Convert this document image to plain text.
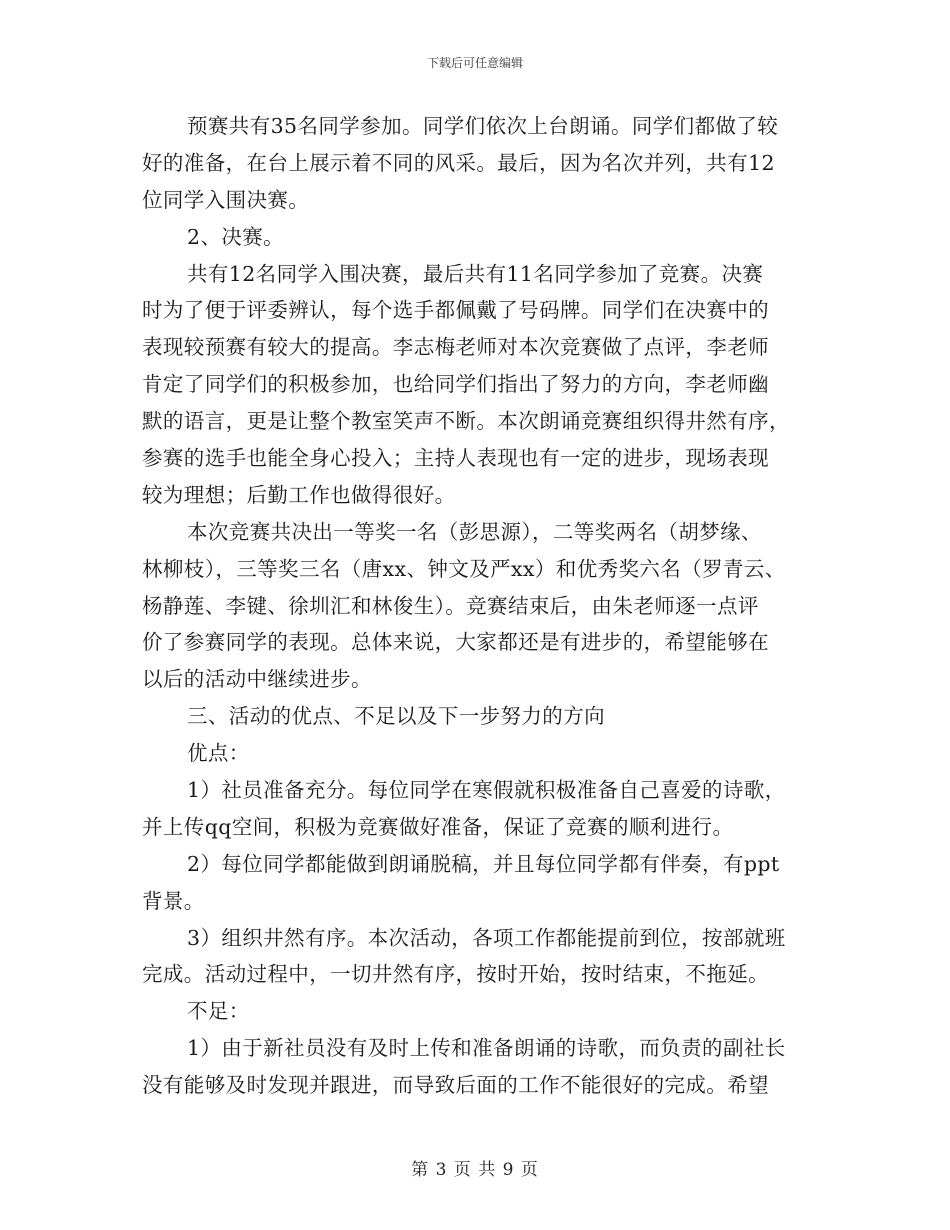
下载后可任意编辑
预赛共有35名同学参加。同学们依次上台朗诵。同学们都做了较
好的准备，在台上展示着不同的风采。最后，因为名次并列，共有12
位同学入围决赛。
2、决赛。
共有12名同学入围决赛，最后共有11名同学参加了竞赛。决赛
时为了便于评委辨认，每个选手都佩戴了号码牌。同学们在决赛中的
表现较预赛有较大的提高。李志梅老师对本次竞赛做了点评，李老师
肯定了同学们的积极参加，也给同学们指出了努力的方向，李老师幽
默的语言，更是让整个教室笑声不断。本次朗诵竞赛组织得井然有序，
参赛的选手也能全身心投入；主持人表现也有一定的进步，现场表现
较为理想；后勤工作也做得很好。
本次竞赛共决出一等奖一名（彭思源），二等奖两名（胡梦缘、
林柳枝），三等奖三名（唐xx、钟文及严xx）和优秀奖六名（罗青云、
杨静莲、李键、徐圳汇和林俊生）。竞赛结束后，由朱老师逐一点评
价了参赛同学的表现。总体来说，大家都还是有进步的，希望能够在
以后的活动中继续进步。
三、活动的优点、不足以及下一步努力的方向
优点：
1）社员准备充分。每位同学在寒假就积极准备自己喜爱的诗歌，
并上传qq空间，积极为竞赛做好准备，保证了竞赛的顺利进行。
2）每位同学都能做到朗诵脱稿，并且每位同学都有伴奏，有ppt
背景。
3）组织井然有序。本次活动，各项工作都能提前到位，按部就班
完成。活动过程中，一切井然有序，按时开始，按时结束，不拖延。
不足：
1）由于新社员没有及时上传和准备朗诵的诗歌，而负责的副社长
没有能够及时发现并跟进，而导致后面的工作不能很好的完成。希望
第 3 页 共 9 页
